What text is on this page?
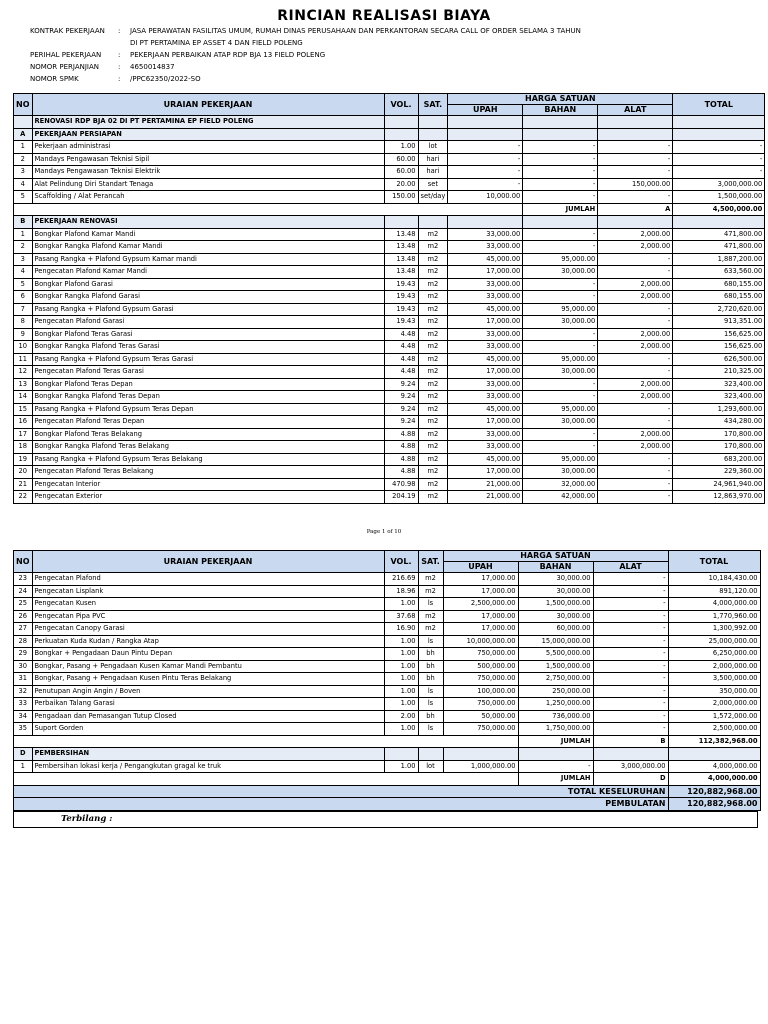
RINCIAN REALISASI BIAYA
KONTRAK PEKERJAAN	:	JASA PERAWATAN FASILITAS UMUM, RUMAH DINAS PERUSAHAAN DAN PERKANTORAN SECARA CALL OF ORDER SELAMA 3 TAHUN
DI PT PERTAMINA EP ASSET 4 DAN FIELD POLENG
PERIHAL PEKERJAAN	:	PEKERJAAN PERBAIKAN ATAP RDP BJA 13 FIELD POLENG
NOMOR PERJANJIAN	:	4650014837
NOMOR SPMK	:	/PPC62350/2022-SO
NO	URAIAN PEKERJAAN	VOL.	SAT.	HARGA SATUAN			TOTAL
				UPAH	BAHAN	ALAT	
	RENOVASI RDP BJA 02 DI PT PERTAMINA EP FIELD POLENG						
A	PEKERJAAN PERSIAPAN						
1	Pekerjaan administrasi	1.00	lot	-	-	-	-
2	Mandays Pengawasan Teknisi Sipil	60.00	hari	-	-	-	-
3	Mandays Pengawasan Teknisi Elektrik	60.00	hari	-	-	-	-
4	Alat Pelindung Diri Standart Tenaga	20.00	set	-	-	150,000.00	3,000,000.00
5	Scaffolding / Alat Perancah	150.00	set/day	10,000.00	-	-	1,500,000.00
					JUMLAH	A	4,500,000.00
B	PEKERJAAN RENOVASI						
1	Bongkar Plafond Kamar Mandi	13.48	m2	33,000.00	-	2,000.00	471,800.00
2	Bongkar Rangka Plafond Kamar Mandi	13.48	m2	33,000.00	-	2,000.00	471,800.00
3	Pasang Rangka + Plafond Gypsum Kamar mandi	13.48	m2	45,000.00	95,000.00	-	1,887,200.00
4	Pengecatan Plafond Kamar Mandi	13.48	m2	17,000.00	30,000.00	-	633,560.00
5	Bongkar Plafond Garasi	19.43	m2	33,000.00	-	2,000.00	680,155.00
6	Bongkar Rangka Plafond Garasi	19.43	m2	33,000.00	-	2,000.00	680,155.00
7	Pasang Rangka + Plafond Gypsum Garasi	19.43	m2	45,000.00	95,000.00	-	2,720,620.00
8	Pengecatan Plafond Garasi	19.43	m2	17,000.00	30,000.00	-	913,351.00
9	Bongkar Plafond Teras Garasi	4.48	m2	33,000.00	-	2,000.00	156,625.00
10	Bongkar Rangka Plafond Teras Garasi	4.48	m2	33,000.00	-	2,000.00	156,625.00
11	Pasang Rangka + Plafond Gypsum Teras Garasi	4.48	m2	45,000.00	95,000.00	-	626,500.00
12	Pengecatan Plafond Teras Garasi	4.48	m2	17,000.00	30,000.00	-	210,325.00
13	Bongkar Plafond Teras Depan	9.24	m2	33,000.00	-	2,000.00	323,400.00
14	Bongkar Rangka Plafond Teras Depan	9.24	m2	33,000.00	-	2,000.00	323,400.00
15	Pasang Rangka + Plafond Gypsum Teras Depan	9.24	m2	45,000.00	95,000.00	-	1,293,600.00
16	Pengecatan Plafond Teras Depan	9.24	m2	17,000.00	30,000.00	-	434,280.00
17	Bongkar Plafond Teras Belakang	4.88	m2	33,000.00	-	2,000.00	170,800.00
18	Bongkar Rangka Plafond Teras Belakang	4.88	m2	33,000.00	-	2,000.00	170,800.00
19	Pasang Rangka + Plafond Gypsum Teras Belakang	4.88	m2	45,000.00	95,000.00	-	683,200.00
20	Pengecatan Plafond Teras Belakang	4.88	m2	17,000.00	30,000.00	-	229,360.00
21	Pengecatan Interior	470.98	m2	21,000.00	32,000.00	-	24,961,940.00
22	Pengecatan Exterior	204.19	m2	21,000.00	42,000.00	-	12,863,970.00
Page 1 of 10
NO	URAIAN PEKERJAAN	VOL.	SAT.	HARGA SATUAN			TOTAL
				UPAH	BAHAN	ALAT	
23	Pengecatan Plafond	216.69	m2	17,000.00	30,000.00	-	10,184,430.00
24	Pengecatan Lisplank	18.96	m2	17,000.00	30,000.00	-	891,120.00
25	Pengecatan Kusen	1.00	ls	2,500,000.00	1,500,000.00	-	4,000,000.00
26	Pengecatan Pipa PVC	37.68	m2	17,000.00	30,000.00	-	1,770,960.00
27	Pengecatan Canopy Garasi	16.90	m2	17,000.00	60,000.00	-	1,300,992.00
28	Perkuatan Kuda Kudan / Rangka Atap	1.00	ls	10,000,000.00	15,000,000.00	-	25,000,000.00
29	Bongkar + Pengadaan Daun Pintu Depan	1.00	bh	750,000.00	5,500,000.00	-	6,250,000.00
30	Bongkar, Pasang + Pengadaan Kusen Kamar Mandi Pembantu	1.00	bh	500,000.00	1,500,000.00	-	2,000,000.00
31	Bongkar, Pasang + Pengadaan Kusen Pintu Teras Belakang	1.00	bh	750,000.00	2,750,000.00	-	3,500,000.00
32	Penutupan Angin Angin / Boven	1.00	ls	100,000.00	250,000.00	-	350,000.00
33	Perbaikan Talang Garasi	1.00	ls	750,000.00	1,250,000.00	-	2,000,000.00
34	Pengadaan dan Pemasangan Tutup Closed	2.00	bh	50,000.00	736,000.00	-	1,572,000.00
35	Suport Gorden	1.00	ls	750,000.00	1,750,000.00	-	2,500,000.00
					JUMLAH	B	112,382,968.00
D	PEMBERSIHAN						
1	Pembersihan lokasi kerja / Pengangkutan gragal ke truk	1.00	lot	1,000,000.00	-	3,000,000.00	4,000,000.00
					JUMLAH	D	4,000,000.00
TOTAL KESELURUHAN							120,882,968.00
PEMBULATAN							120,882,968.00
Terbilang :
